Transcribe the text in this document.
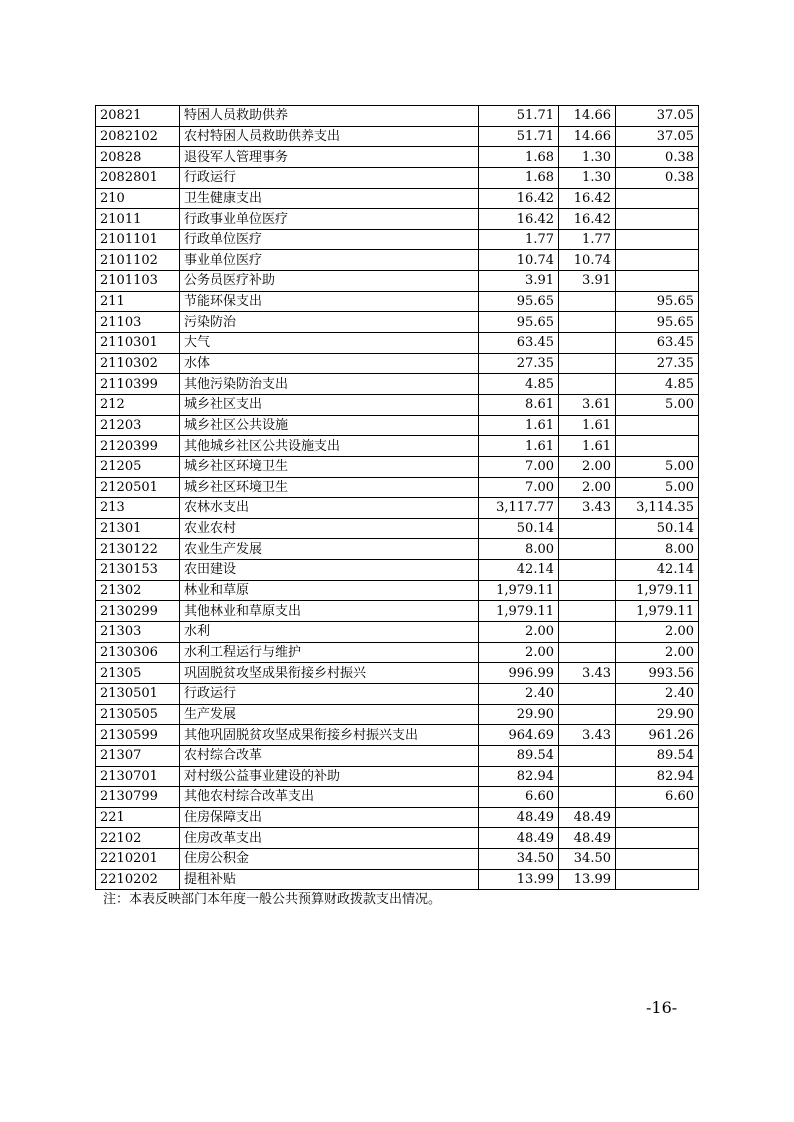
20821	特困人员救助供养	51.71	14.66	37.05
2082102	农村特困人员救助供养支出	51.71	14.66	37.05
20828	退役军人管理事务	1.68	1.30	0.38
2082801	行政运行	1.68	1.30	0.38
210	卫生健康支出	16.42	16.42	
21011	行政事业单位医疗	16.42	16.42	
2101101	行政单位医疗	1.77	1.77	
2101102	事业单位医疗	10.74	10.74	
2101103	公务员医疗补助	3.91	3.91	
211	节能环保支出	95.65		95.65
21103	污染防治	95.65		95.65
2110301	大气	63.45		63.45
2110302	水体	27.35		27.35
2110399	其他污染防治支出	4.85		4.85
212	城乡社区支出	8.61	3.61	5.00
21203	城乡社区公共设施	1.61	1.61	
2120399	其他城乡社区公共设施支出	1.61	1.61	
21205	城乡社区环境卫生	7.00	2.00	5.00
2120501	城乡社区环境卫生	7.00	2.00	5.00
213	农林水支出	3,117.77	3.43	3,114.35
21301	农业农村	50.14		50.14
2130122	农业生产发展	8.00		8.00
2130153	农田建设	42.14		42.14
21302	林业和草原	1,979.11		1,979.11
2130299	其他林业和草原支出	1,979.11		1,979.11
21303	水利	2.00		2.00
2130306	水利工程运行与维护	2.00		2.00
21305	巩固脱贫攻坚成果衔接乡村振兴	996.99	3.43	993.56
2130501	行政运行	2.40		2.40
2130505	生产发展	29.90		29.90
2130599	其他巩固脱贫攻坚成果衔接乡村振兴支出	964.69	3.43	961.26
21307	农村综合改革	89.54		89.54
2130701	对村级公益事业建设的补助	82.94		82.94
2130799	其他农村综合改革支出	6.60		6.60
221	住房保障支出	48.49	48.49	
22102	住房改革支出	48.49	48.49	
2210201	住房公积金	34.50	34.50	
2210202	提租补贴	13.99	13.99	
注：本表反映部门本年度一般公共预算财政拨款支出情况。
-16-
